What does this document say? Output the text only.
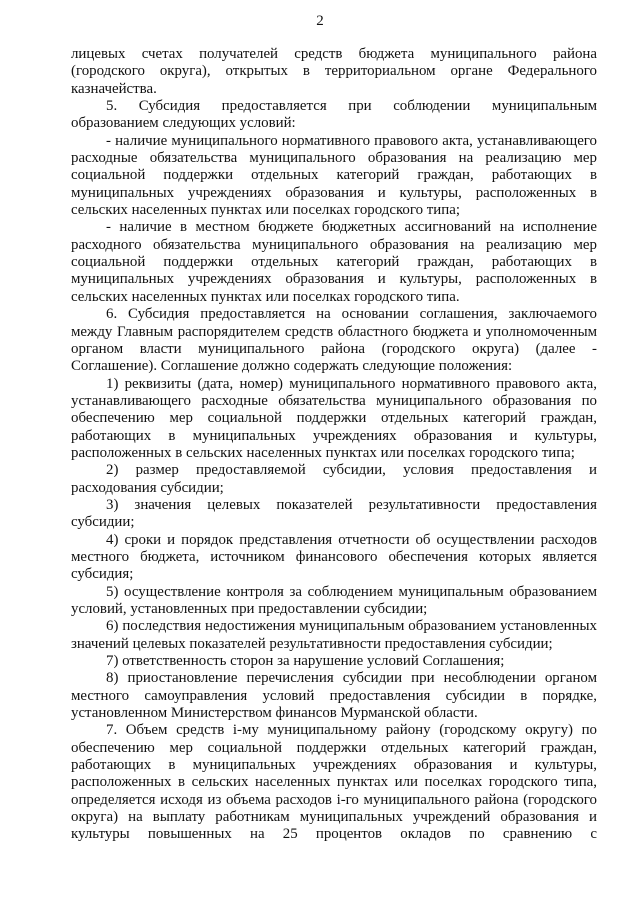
2

лицевых счетах получателей средств бюджета муниципального района (городского округа), открытых в территориальном органе Федерального казначейства.

5. Субсидия предоставляется при соблюдении муниципальным образованием следующих условий:

- наличие муниципального нормативного правового акта, устанавливающего расходные обязательства муниципального образования на реализацию мер социальной поддержки отдельных категорий граждан, работающих в муниципальных учреждениях образования и культуры, расположенных в сельских населенных пунктах или поселках городского типа;

- наличие в местном бюджете бюджетных ассигнований на исполнение расходного обязательства муниципального образования на реализацию мер социальной поддержки отдельных категорий граждан, работающих в муниципальных учреждениях образования и культуры, расположенных в сельских населенных пунктах или поселках городского типа.

6. Субсидия предоставляется на основании соглашения, заключаемого между Главным распорядителем средств областного бюджета и уполномоченным органом власти муниципального района (городского округа) (далее - Соглашение). Соглашение должно содержать следующие положения:

1) реквизиты (дата, номер) муниципального нормативного правового акта, устанавливающего расходные обязательства муниципального образования по обеспечению мер социальной поддержки отдельных категорий граждан, работающих в муниципальных учреждениях образования и культуры, расположенных в сельских населенных пунктах или поселках городского типа;

2) размер предоставляемой субсидии, условия предоставления и расходования субсидии;

3) значения целевых показателей результативности предоставления субсидии;

4) сроки и порядок представления отчетности об осуществлении расходов местного бюджета, источником финансового обеспечения которых является субсидия;

5) осуществление контроля за соблюдением муниципальным образованием условий, установленных при предоставлении субсидии;

6) последствия недостижения муниципальным образованием установленных значений целевых показателей результативности предоставления субсидии;

7) ответственность сторон за нарушение условий Соглашения;

8) приостановление перечисления субсидии при несоблюдении органом местного самоуправления условий предоставления субсидии в порядке, установленном Министерством финансов Мурманской области.

7. Объем средств i-му муниципальному району (городскому округу) по обеспечению мер социальной поддержки отдельных категорий граждан, работающих в муниципальных учреждениях образования и культуры, расположенных в сельских населенных пунктах или поселках городского типа, определяется исходя из объема расходов i-го муниципального района (городского округа) на выплату работникам муниципальных учреждений образования и культуры повышенных на 25 процентов окладов по сравнению с
